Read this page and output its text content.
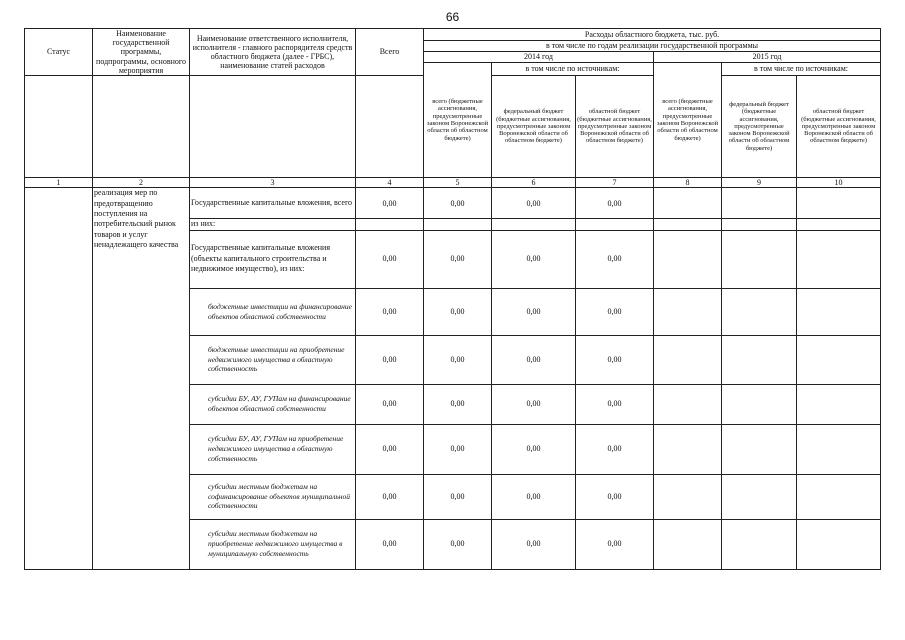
66
Статус	Наименование государственной программы, подпрограммы, основного мероприятия	Наименование ответственного исполнителя, исполнителя - главного распорядителя средств областного бюджета (далее - ГРБС), наименование статей расходов	Всего	Расходы областного бюджета, тыс. руб.					
				в том числе по годам реализации государственной программы					
				2014 год			2015 год		
				всего (бюджетные ассигнования, предусмотренные законом Воронежской области об областном бюджете)	в том числе по источникам:		всего (бюджетные ассигнования, предусмотренные законом Воронежской области об областном бюджете)	в том числе по источникам:	
					федеральный бюджет (бюджетные ассигнования, предусмотренные законом Воронежской области об областном бюджете)	областной бюджет (бюджетные ассигнования, предусмотренные законом Воронежской области об областном бюджете)		федеральный бюджет (бюджетные ассигнования, предусмотренные законом Воронежской области об областном бюджете)	областной бюджет (бюджетные ассигнования, предусмотренные законом Воронежской области об областном бюджете)
1	2	3	4	5	6	7	8	9	10
	реализация мер по предотвращению поступления на потребительский рынок товаров и услуг ненадлежащего качества	Государственные капитальные вложения, всего	0,00	0,00	0,00	0,00			
		из них:							
		Государственные капитальные вложения (объекты капитального строительства и недвижимое имущество), из них:	0,00	0,00	0,00	0,00			
		бюджетные инвестиции на финансирование объектов областной собственности	0,00	0,00	0,00	0,00			
		бюджетные инвестиции на приобретение недвижимого имущества в областную собственность	0,00	0,00	0,00	0,00			
		субсидии БУ, АУ, ГУПам на финансирование объектов областной собственности	0,00	0,00	0,00	0,00			
		субсидии БУ, АУ, ГУПам на приобретение недвижимого имущества в областную собственность	0,00	0,00	0,00	0,00			
		субсидии местным бюджетам на софинансирование объектов муниципальной собственности	0,00	0,00	0,00	0,00			
		субсидии местным бюджетам на приобретение недвижимого имущества в муниципальную собственность	0,00	0,00	0,00	0,00			
